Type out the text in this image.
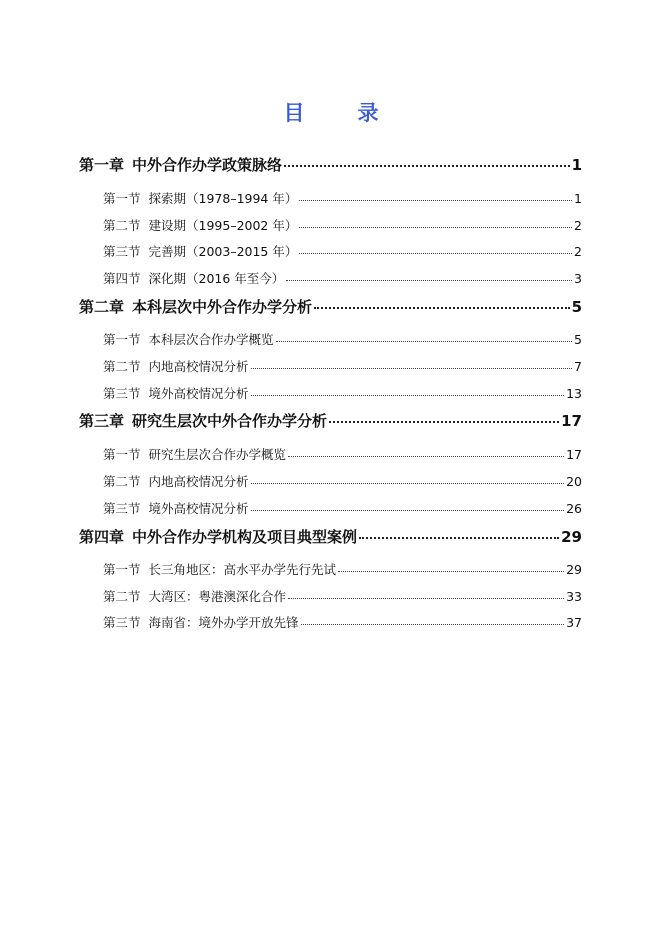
目　录
第一章 中外合作办学政策脉络	1
第一节 探索期（1978–1994 年）	1
第二节 建设期（1995–2002 年）	2
第三节 完善期（2003–2015 年）	2
第四节 深化期（2016 年至今）	3
第二章 本科层次中外合作办学分析	5
第一节 本科层次合作办学概览	5
第二节 内地高校情况分析	7
第三节 境外高校情况分析	13
第三章 研究生层次中外合作办学分析	17
第一节 研究生层次合作办学概览	17
第二节 内地高校情况分析	20
第三节 境外高校情况分析	26
第四章 中外合作办学机构及项目典型案例	29
第一节 长三角地区：高水平办学先行先试	29
第二节 大湾区：粤港澳深化合作	33
第三节 海南省：境外办学开放先锋	37
